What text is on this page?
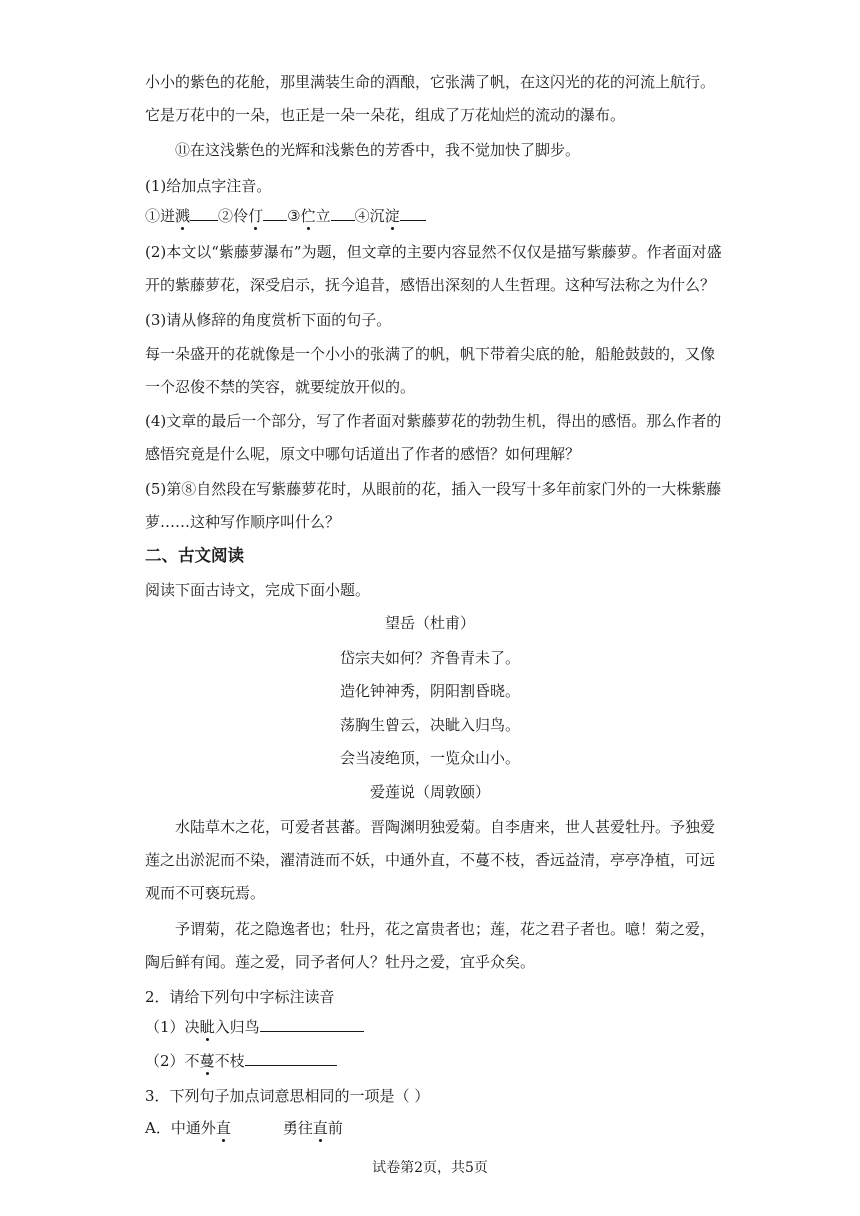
小小的紫色的花舱，那里满装生命的酒酿，它张满了帆，在这闪光的花的河流上航行。
它是万花中的一朵，也正是一朵一朵花，组成了万花灿烂的流动的瀑布。
⑪在这浅紫色的光辉和浅紫色的芳香中，我不觉加快了脚步。
(1)给加点字注音。
①迸溅 ②伶仃 ③伫立 ④沉淀
(2)本文以“紫藤萝瀑布”为题，但文章的主要内容显然不仅仅是描写紫藤萝。作者面对盛
开的紫藤萝花，深受启示，抚今追昔，感悟出深刻的人生哲理。这种写法称之为什么？
(3)请从修辞的角度赏析下面的句子。
每一朵盛开的花就像是一个小小的张满了的帆，帆下带着尖底的舱，船舱鼓鼓的，又像
一个忍俊不禁的笑容，就要绽放开似的。
(4)文章的最后一个部分，写了作者面对紫藤萝花的勃勃生机，得出的感悟。那么作者的
感悟究竟是什么呢，原文中哪句话道出了作者的感悟？如何理解？
(5)第⑧自然段在写紫藤萝花时，从眼前的花，插入一段写十多年前家门外的一大株紫藤
萝……这种写作顺序叫什么？
二、古文阅读
阅读下面古诗文，完成下面小题。
望岳（杜甫）
岱宗夫如何？齐鲁青未了。
造化钟神秀，阴阳割昏晓。
荡胸生曾云，决眦入归鸟。
会当凌绝顶，一览众山小。
爱莲说（周敦颐）
水陆草木之花，可爱者甚蕃。晋陶渊明独爱菊。自李唐来，世人甚爱牡丹。予独爱
莲之出淤泥而不染，濯清涟而不妖，中通外直，不蔓不枝，香远益清，亭亭净植，可远
观而不可亵玩焉。
予谓菊，花之隐逸者也；牡丹，花之富贵者也；莲，花之君子者也。噫！菊之爱，
陶后鲜有闻。莲之爱，同予者何人？牡丹之爱，宜乎众矣。
2．请给下列句中字标注读音
（1）决眦入归鸟
（2）不蔓不枝
3．下列句子加点词意思相同的一项是（ ）
A．中通外直	勇往直前
试卷第2页，共5页
